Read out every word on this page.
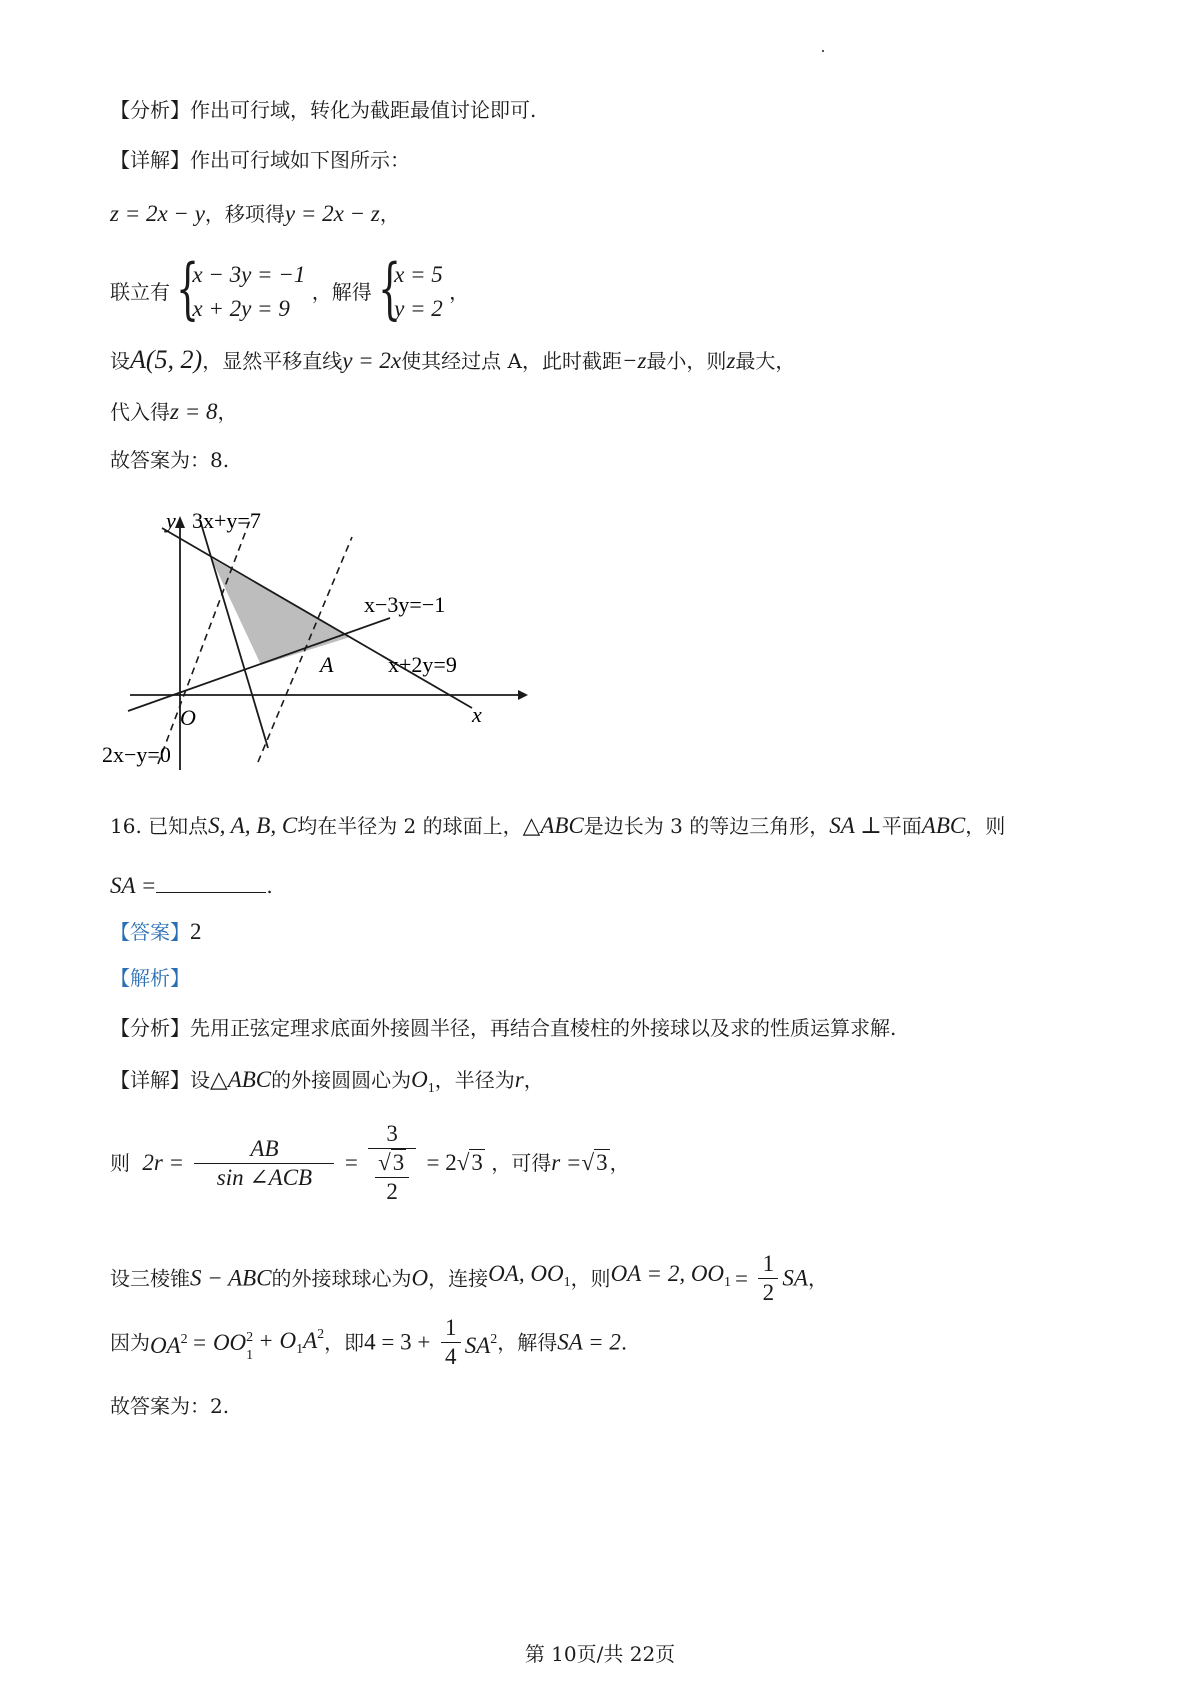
【分析】作出可行域，转化为截距最值讨论即可.
【详解】作出可行域如下图所示：
z = 2x − y，移项得y = 2x − z，
联立有 {
x − 3y = −1
x + 2y = 9
，解得 {
x = 5
y = 2
，
设A(5, 2)，显然平移直线y = 2x使其经过点 A，此时截距−z最小，则z最大，
代入得z = 8，
故答案为：8.
y 3x+y=7
x−3y=−1
A x+2y=9
x
O
2x−y=0
16. 已知点S, A, B, C均在半径为 2 的球面上，△ABC是边长为 3 的等边三角形，SA ⊥平面ABC，则
SA =	.
【答案】2
【解析】
【分析】先用正弦定理求底面外接圆半径，再结合直棱柱的外接球以及求的性质运算求解.
【详解】设△ABC的外接圆圆心为$O_1$，半径为r，
则 $2r = \frac{AB}{\text{sin ∠ACB}} = \frac{3}{\frac{√3}{2}} = 2√3$ ，可得r =√3 ，
设三棱锥S − ABC的外接球球心为O，连接OA, $OO_1$，则OA = 2, $OO_1 = \frac{1}{2}$ SA，
因为$OA^2$ = OO 2
1
+ $O_1A^2$，即$4 = 3 + \frac{1}{4} SA^2$，解得SA = 2.
故答案为：2.
第 10页/共 22页
